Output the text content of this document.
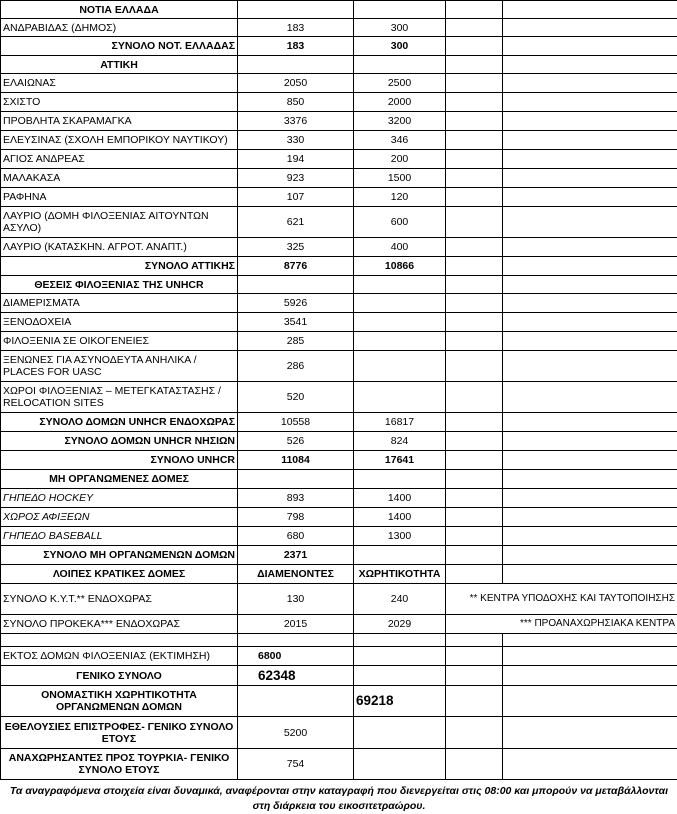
ΝΟΤΙΑ ΕΛΛΑΔΑ				
ΑΝΔΡΑΒΙΔΑΣ (ΔΗΜΟΣ)	183	300		
ΣΥΝΟΛΟ ΝΟΤ. ΕΛΛΑΔΑΣ	183	300		
ΑΤΤΙΚΗ				
ΕΛΑΙΩΝΑΣ	2050	2500		
ΣΧΙΣΤΟ	850	2000		
ΠΡΟΒΛΗΤΑ ΣΚΑΡΑΜΑΓΚΑ	3376	3200		
ΕΛΕΥΣΙΝΑΣ (ΣΧΟΛΗ ΕΜΠΟΡΙΚΟΥ ΝΑΥΤΙΚΟΥ)	330	346		
ΑΓΙΟΣ ΑΝΔΡΕΑΣ	194	200		
ΜΑΛΑΚΑΣΑ	923	1500		
ΡΑΦΗΝΑ	107	120		
ΛΑΥΡΙΟ (ΔΟΜΗ ΦΙΛΟΞΕΝΙΑΣ ΑΙΤΟΥΝΤΩΝ ΑΣΥΛΟ)	621	600		
ΛΑΥΡΙΟ (ΚΑΤΑΣΚΗΝ. ΑΓΡΟΤ. ΑΝΑΠΤ.)	325	400		
ΣΥΝΟΛΟ ΑΤΤΙΚΗΣ	8776	10866		
ΘΕΣΕΙΣ ΦΙΛΟΞΕΝΙΑΣ ΤΗΣ UNHCR				
ΔΙΑΜΕΡΙΣΜΑΤΑ	5926			
ΞΕΝΟΔΟΧΕΙΑ	3541			
ΦΙΛΟΞΕΝΙΑ ΣΕ ΟΙΚΟΓΕΝΕΙΕΣ	285			
ΞΕΝΩΝΕΣ ΓΙΑ ΑΣΥΝΟΔΕΥΤΑ ΑΝΗΛΙΚΑ / PLACES FOR UASC	286			
ΧΩΡΟΙ ΦΙΛΟΞΕΝΙΑΣ – ΜΕΤΕΓΚΑΤΑΣΤΑΣΗΣ / RELOCATION SITES	520			
ΣΥΝΟΛΟ ΔΟΜΩΝ UNHCR ΕΝΔΟΧΩΡΑΣ	10558	16817		
ΣΥΝΟΛΟ ΔΟΜΩΝ UNHCR ΝΗΣΙΩΝ	526	824		
ΣΥΝΟΛΟ UNHCR	11084	17641		
ΜΗ ΟΡΓΑΝΩΜΕΝΕΣ ΔΟΜΕΣ				
ΓΗΠΕΔΟ HOCKEY	893	1400		
ΧΩΡΟΣ ΑΦΙΞΕΩΝ	798	1400		
ΓΗΠΕΔΟ BASEBALL	680	1300		
ΣΥΝΟΛΟ ΜΗ ΟΡΓΑΝΩΜΕΝΩΝ ΔΟΜΩΝ	2371			
ΛΟΙΠΕΣ ΚΡΑΤΙΚΕΣ ΔΟΜΕΣ	ΔΙΑΜΕΝΟΝΤΕΣ	ΧΩΡΗΤΙΚΟΤΗΤΑ		
ΣΥΝΟΛΟ Κ.Υ.Τ.** ΕΝΔΟΧΩΡΑΣ	130	240	** ΚΕΝΤΡΑ ΥΠΟΔΟΧΗΣ ΚΑΙ ΤΑΥΤΟΠΟΙΗΣΗΣ	
ΣΥΝΟΛΟ ΠΡΟΚΕΚΑ*** ΕΝΔΟΧΩΡΑΣ	2015	2029	*** ΠΡΟΑΝΑΧΩΡΗΣΙΑΚΑ ΚΕΝΤΡΑ	

ΕΚΤΟΣ ΔΟΜΩΝ ΦΙΛΟΞΕΝΙΑΣ (ΕΚΤΙΜΗΣΗ)	6800			
ΓΕΝΙΚΟ ΣΥΝΟΛΟ	62348			
ΟΝΟΜΑΣΤΙΚΗ ΧΩΡΗΤΙΚΟΤΗΤΑ ΟΡΓΑΝΩΜΕΝΩΝ ΔΟΜΩΝ		69218		
ΕΘΕΛΟΥΣΙΕΣ ΕΠΙΣΤΡΟΦΕΣ- ΓΕΝΙΚΟ ΣΥΝΟΛΟ ΕΤΟΥΣ	5200			
ΑΝΑΧΩΡΗΣΑΝΤΕΣ ΠΡΟΣ ΤΟΥΡΚΙΑ- ΓΕΝΙΚΟ ΣΥΝΟΛΟ ΕΤΟΥΣ	754			
Τα αναγραφόμενα στοιχεία είναι δυναμικά, αναφέρονται στην καταγραφή που διενεργείται στις 08:00 και μπορούν να μεταβάλλονται στη διάρκεια του εικοσιτετραώρου.				
